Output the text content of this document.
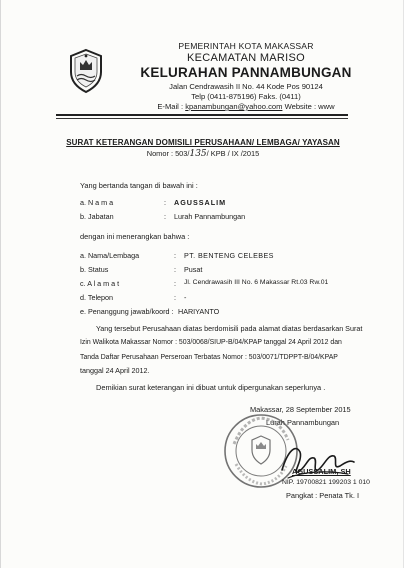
PEMERINTAH KOTA MAKASSAR
KECAMATAN MARISO
KELURAHAN PANNAMBUNGAN
Jalan Cendrawasih II No. 44 Kode Pos 90124
Telp (0411-875196) Faks. (0411)
E-Mail : kpanambungan@yahoo.com Website : www
SURAT KETERANGAN DOMISILI PERUSAHAAN/ LEMBAGA/ YAYASAN
Nomor : 503/135/ KPB / IX /2015
Yang bertanda tangan di bawah ini :
a. N a m a	: AGUSSALIM
b. Jabatan	: Lurah Pannambungan
dengan ini menerangkan bahwa :
a. Nama/Lembaga	: PT. BENTENG CELEBES
b. Status	: Pusat
c. A l a m a t	: Jl. Cendrawasih III No. 6 Makassar Rt.03 Rw.01
d. Telepon	: -
e. Penanggung jawab/koord : HARIYANTO
Yang tersebut Perusahaan diatas berdomisili pada alamat diatas berdasarkan Surat
Izin Walikota Makassar Nomor : 503/0068/SIUP-B/04/KPAP tanggal 24 April 2012 dan
Tanda Daftar Perusahaan Perseroan Terbatas Nomor : 503/0071/TDPPT-B/04/KPAP
tanggal 24 April 2012.
Demikian surat keterangan ini dibuat untuk dipergunakan seperlunya .
Makassar, 28 September 2015
Lurah Pannambungan
AGUSSALIM, SH
NIP. 19700821 199203 1 010
Pangkat : Penata Tk. I
